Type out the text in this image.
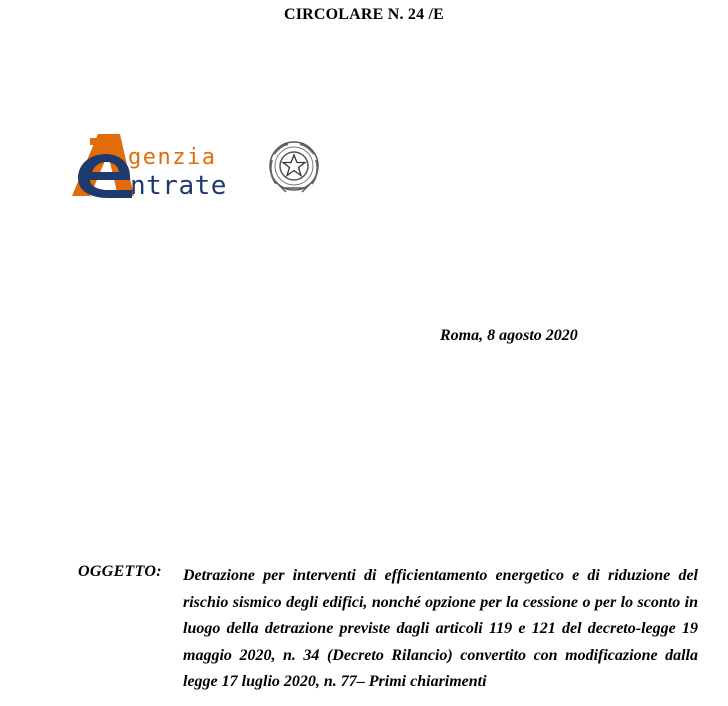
CIRCOLARE N. 24 /E
genzia
ntrate
Roma, 8 agosto 2020
OGGETTO: Detrazione per interventi di efficientamento energetico e di riduzione del rischio sismico degli edifici, nonché opzione per la cessione o per lo sconto in luogo della detrazione previste dagli articoli 119 e 121 del decreto-legge 19 maggio 2020, n. 34 (Decreto Rilancio) convertito con modificazione dalla legge 17 luglio 2020, n. 77– Primi chiarimenti
